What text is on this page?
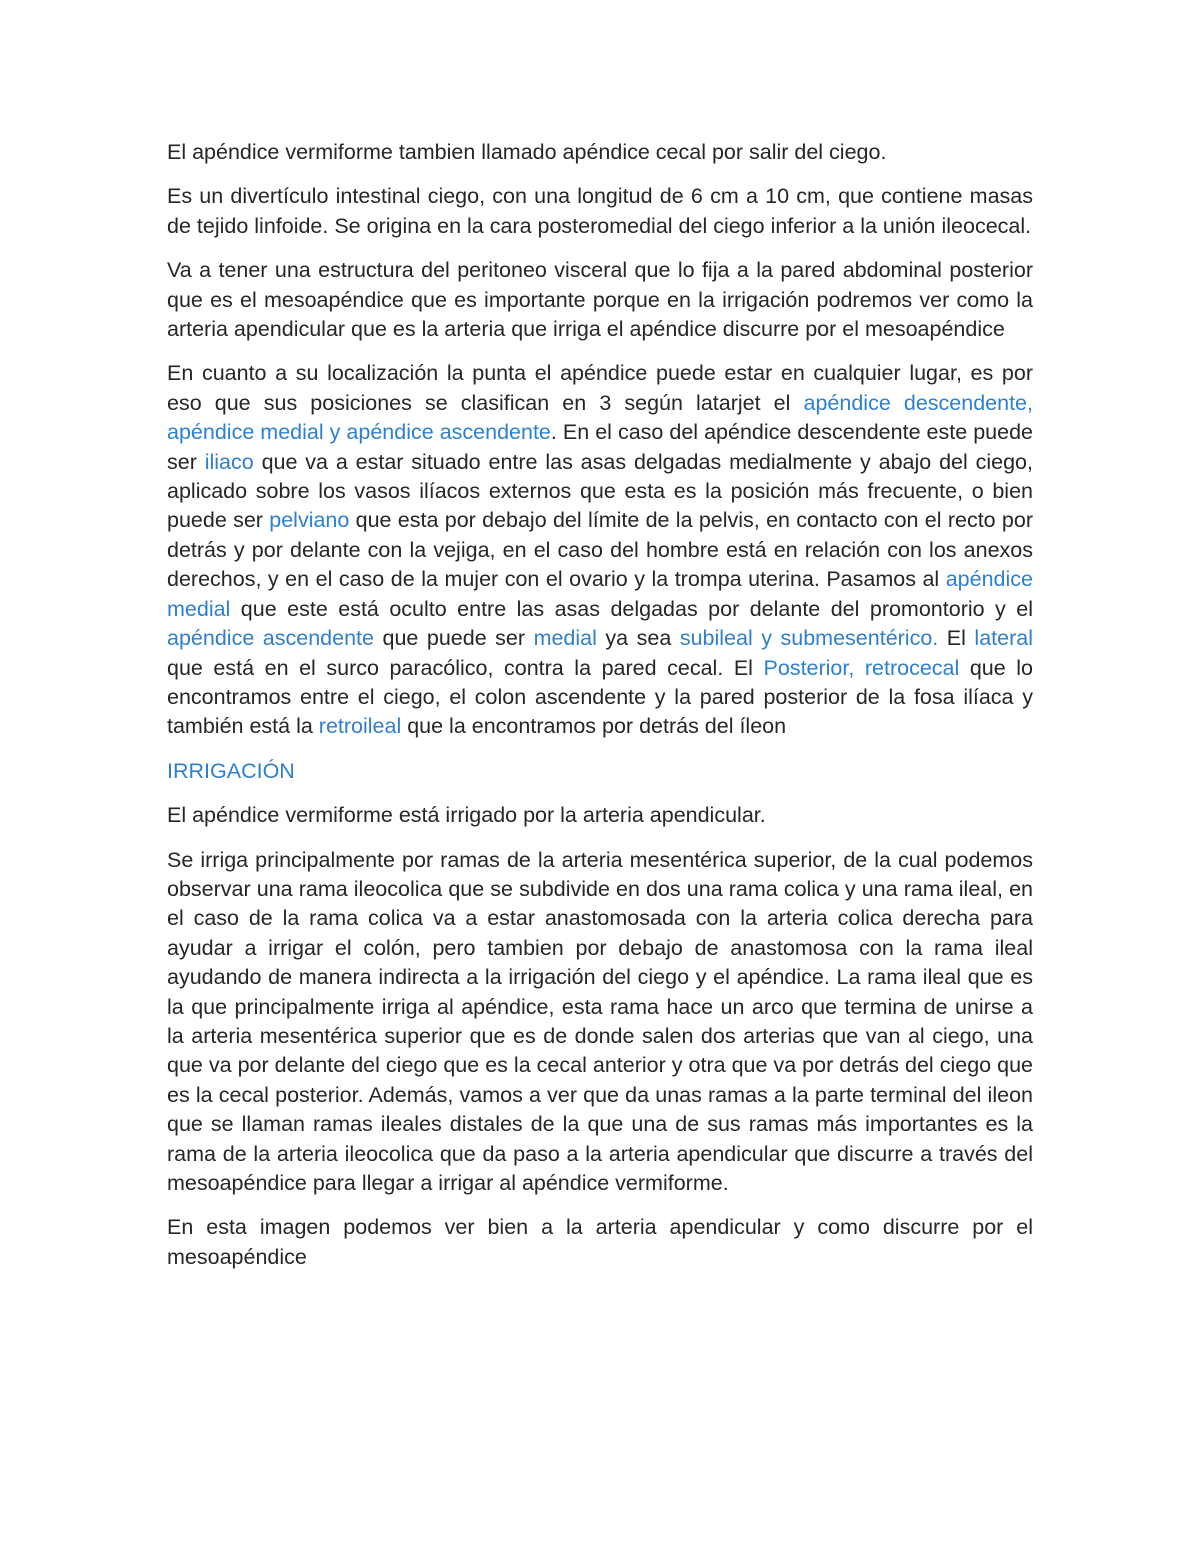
El apéndice vermiforme tambien llamado apéndice cecal por salir del ciego.

Es un divertículo intestinal ciego, con una longitud de 6 cm a 10 cm, que contiene masas de tejido linfoide. Se origina en la cara posteromedial del ciego inferior a la unión ileocecal.

Va a tener una estructura del peritoneo visceral que lo fija a la pared abdominal posterior que es el mesoapéndice que es importante porque en la irrigación podremos ver como la arteria apendicular que es la arteria que irriga el apéndice discurre por el mesoapéndice

En cuanto a su localización la punta el apéndice puede estar en cualquier lugar, es por eso que sus posiciones se clasifican en 3 según latarjet el apéndice descendente, apéndice medial y apéndice ascendente. En el caso del apéndice descendente este puede ser iliaco que va a estar situado entre las asas delgadas medialmente y abajo del ciego, aplicado sobre los vasos ilíacos externos que esta es la posición más frecuente, o bien puede ser pelviano que esta por debajo del límite de la pelvis, en contacto con el recto por detrás y por delante con la vejiga, en el caso del hombre está en relación con los anexos derechos, y en el caso de la mujer con el ovario y la trompa uterina. Pasamos al apéndice medial que este está oculto entre las asas delgadas por delante del promontorio y el apéndice ascendente que puede ser medial ya sea subileal y submesentérico. El lateral que está en el surco paracólico, contra la pared cecal. El Posterior, retrocecal que lo encontramos entre el ciego, el colon ascendente y la pared posterior de la fosa ilíaca y también está la retroileal que la encontramos por detrás del íleon

IRRIGACIÓN

El apéndice vermiforme está irrigado por la arteria apendicular.

Se irriga principalmente por ramas de la arteria mesentérica superior, de la cual podemos observar una rama ileocolica que se subdivide en dos una rama colica y una rama ileal, en el caso de la rama colica va a estar anastomosada con la arteria colica derecha para ayudar a irrigar el colón, pero tambien por debajo de anastomosa con la rama ileal ayudando de manera indirecta a la irrigación del ciego y el apéndice. La rama ileal que es la que principalmente irriga al apéndice, esta rama hace un arco que termina de unirse a la arteria mesentérica superior que es de donde salen dos arterias que van al ciego, una que va por delante del ciego que es la cecal anterior y otra que va por detrás del ciego que es la cecal posterior. Además, vamos a ver que da unas ramas a la parte terminal del ileon que se llaman ramas ileales distales de la que una de sus ramas más importantes es la rama de la arteria ileocolica que da paso a la arteria apendicular que discurre a través del mesoapéndice para llegar a irrigar al apéndice vermiforme.

En esta imagen podemos ver bien a la arteria apendicular y como discurre por el mesoapéndice
